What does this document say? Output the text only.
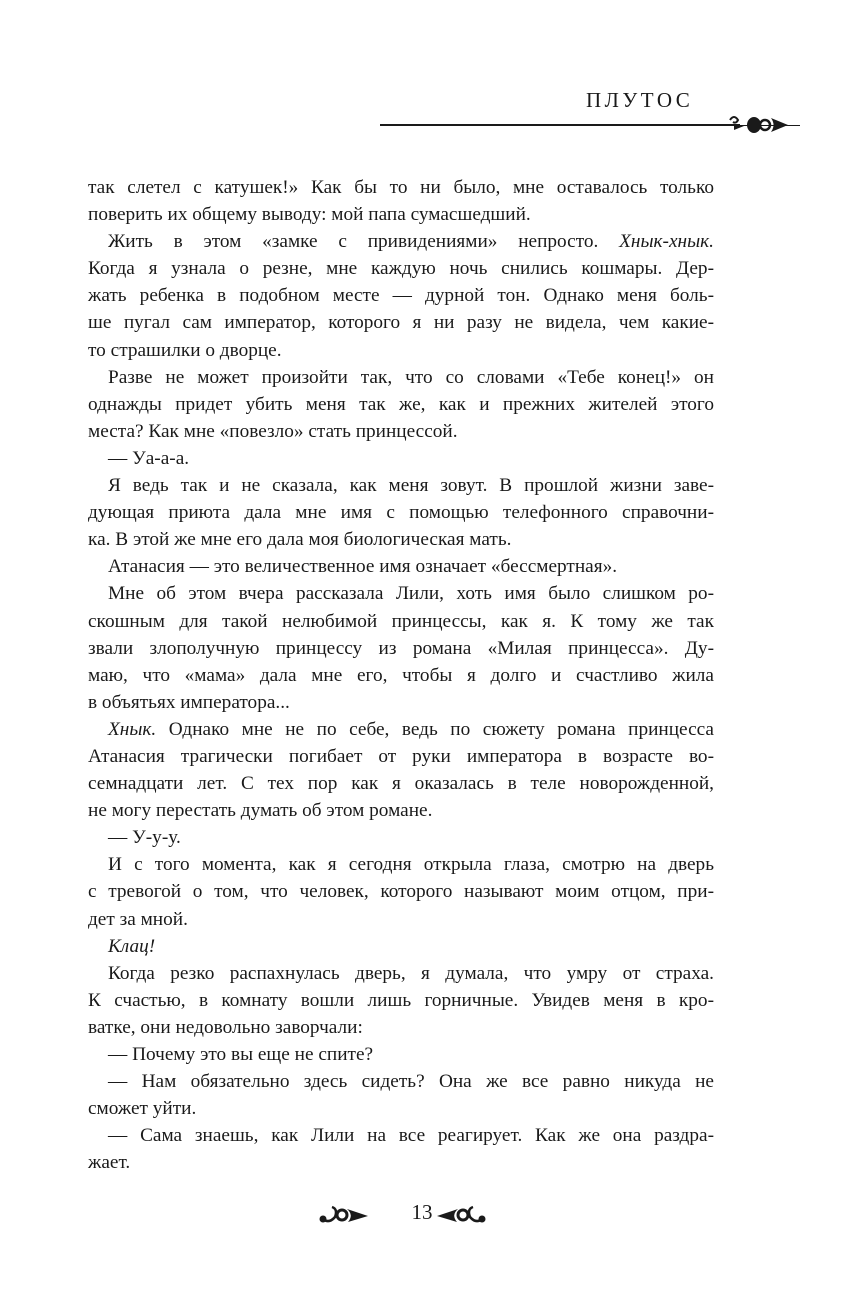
ПЛУТОС
так слетел с катушек!» Как бы то ни было, мне оставалось только
поверить их общему выводу: мой папа сумасшедший.
Жить в этом «замке с привидениями» непросто. Хнык-хнык.
Когда я узнала о резне, мне каждую ночь снились кошмары. Дер-
жать ребенка в подобном месте — дурной тон. Однако меня боль-
ше пугал сам император, которого я ни разу не видела, чем какие-
то страшилки о дворце.
Разве не может произойти так, что со словами «Тебе конец!» он
однажды придет убить меня так же, как и прежних жителей этого
места? Как мне «повезло» стать принцессой.
— Уа-а-а.
Я ведь так и не сказала, как меня зовут. В прошлой жизни заве-
дующая приюта дала мне имя с помощью телефонного справочни-
ка. В этой же мне его дала моя биологическая мать.
Атанасия — это величественное имя означает «бессмертная».
Мне об этом вчера рассказала Лили, хоть имя было слишком ро-
скошным для такой нелюбимой принцессы, как я. К тому же так
звали злополучную принцессу из романа «Милая принцесса». Ду-
маю, что «мама» дала мне его, чтобы я долго и счастливо жила
в объятьях императора...
Хнык. Однако мне не по себе, ведь по сюжету романа принцесса
Атанасия трагически погибает от руки императора в возрасте во-
семнадцати лет. С тех пор как я оказалась в теле новорожденной,
не могу перестать думать об этом романе.
— У-у-у.
И с того момента, как я сегодня открыла глаза, смотрю на дверь
с тревогой о том, что человек, которого называют моим отцом, при-
дет за мной.
Клац!
Когда резко распахнулась дверь, я думала, что умру от страха.
К счастью, в комнату вошли лишь горничные. Увидев меня в кро-
ватке, они недовольно заворчали:
— Почему это вы еще не спите?
— Нам обязательно здесь сидеть? Она же все равно никуда не
сможет уйти.
— Сама знаешь, как Лили на все реагирует. Как же она раздра-
жает.
13
